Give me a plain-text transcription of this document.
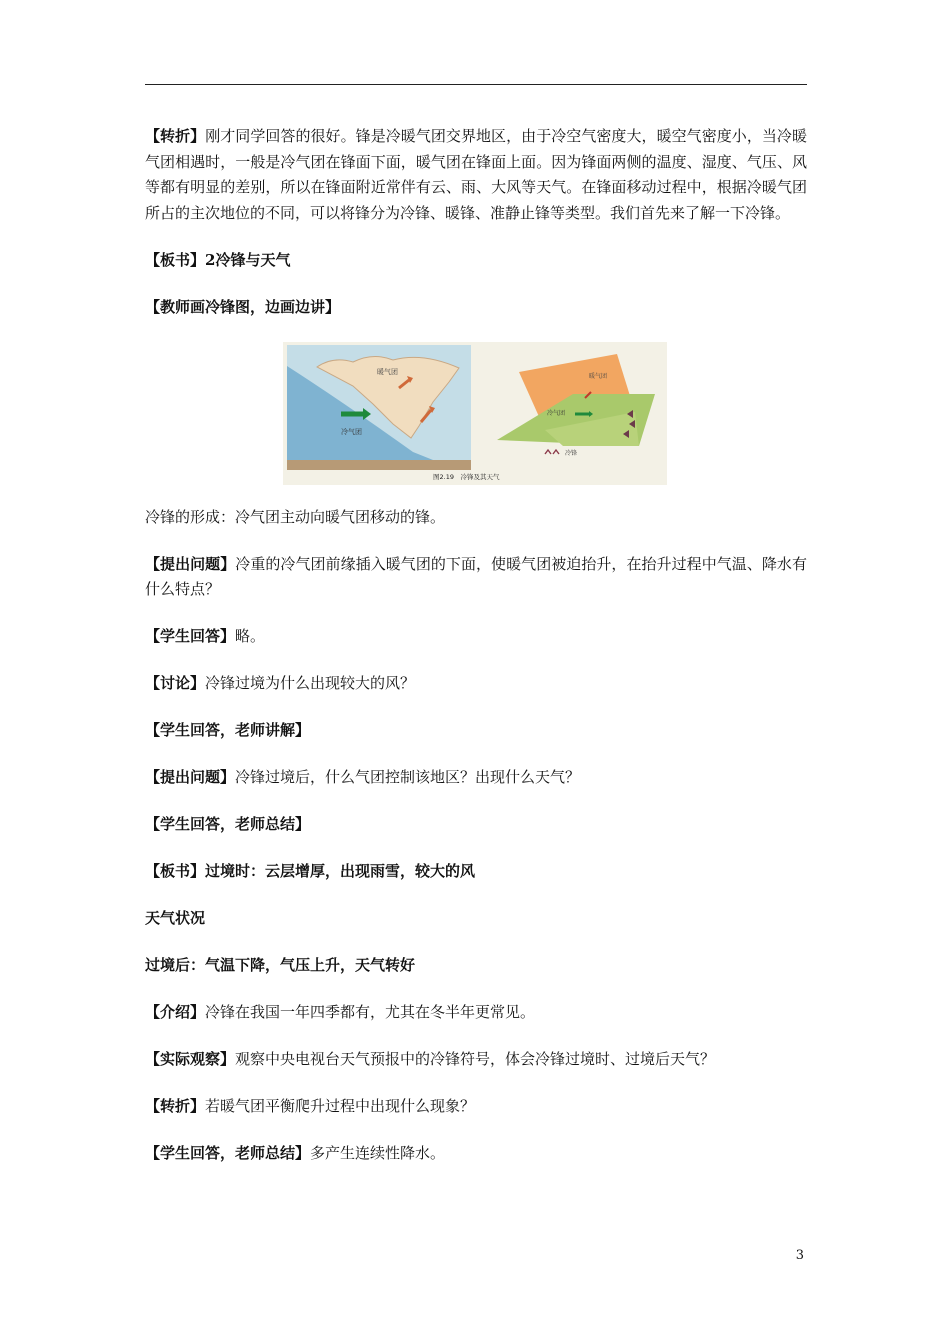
【转折】刚才同学回答的很好。锋是冷暖气团交界地区，由于冷空气密度大，暖空气密度小，当冷暖气团相遇时，一般是冷气团在锋面下面，暖气团在锋面上面。因为锋面两侧的温度、湿度、气压、风等都有明显的差别，所以在锋面附近常伴有云、雨、大风等天气。在锋面移动过程中，根据冷暖气团所占的主次地位的不同，可以将锋分为冷锋、暖锋、准静止锋等类型。我们首先来了解一下冷锋。

【板书】2冷锋与天气

【教师画冷锋图，边画边讲】

暖气团
冷气团
暖气团
冷气团
冷锋
图2.19　冷锋及其天气

冷锋的形成：冷气团主动向暖气团移动的锋。

【提出问题】冷重的冷气团前缘插入暖气团的下面，使暖气团被迫抬升，在抬升过程中气温、降水有什么特点？

【学生回答】略。

【讨论】冷锋过境为什么出现较大的风？

【学生回答，老师讲解】

【提出问题】冷锋过境后，什么气团控制该地区？出现什么天气？

【学生回答，老师总结】

【板书】过境时：云层增厚，出现雨雪，较大的风

天气状况

过境后：气温下降，气压上升，天气转好

【介绍】冷锋在我国一年四季都有，尤其在冬半年更常见。

【实际观察】观察中央电视台天气预报中的冷锋符号，体会冷锋过境时、过境后天气？

【转折】若暖气团平衡爬升过程中出现什么现象？

【学生回答，老师总结】多产生连续性降水。

3
